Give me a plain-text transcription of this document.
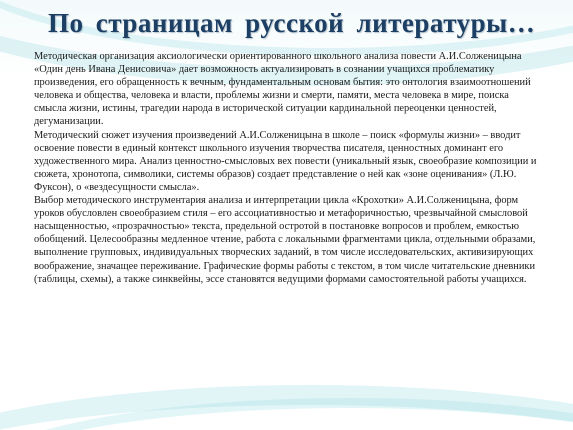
По страницам русской литературы…

Методическая организация аксиологически ориентированного школьного анализа повести А.И.Солженицына «Один день Ивана Денисовича» дает возможность актуализировать в сознании учащихся проблематику произведения, его обращенность к вечным, фундаментальным основам бытия: это онтология взаимоотношений человека и общества, человека и власти, проблемы жизни и смерти, памяти, места человека в мире, поиска смысла жизни, истины, трагедии народа в исторической ситуации кардинальной переоценки ценностей, дегуманизации.

Методический сюжет изучения произведений А.И.Солженицына в школе – поиск «формулы жизни» – вводит освоение повести в единый контекст школьного изучения творчества писателя, ценностных доминант его художественного мира. Анализ ценностно-смысловых вех повести (уникальный язык, своеобразие композиции и сюжета, хронотопа, символики, системы образов) создает представление о ней как «зоне оценивания» (Л.Ю. Фуксон), о «вездесущности смысла».

Выбор методического инструментария анализа и интерпретации цикла «Крохотки» А.И.Солженицына, форм уроков обусловлен своеобразием стиля – его ассоциативностью и метафоричностью, чрезвычайной смысловой насыщенностью, «прозрачностью» текста, предельной остротой в постановке вопросов и проблем, емкостью обобщений. Целесообразны медленное чтение, работа с локальными фрагментами цикла, отдельными образами, выполнение групповых, индивидуальных творческих заданий, в том числе исследовательских, активизирующих воображение, значащее переживание. Графические формы работы с текстом, в том числе читательские дневники (таблицы, схемы), а также синквейны, эссе становятся ведущими формами самостоятельной работы учащихся.
